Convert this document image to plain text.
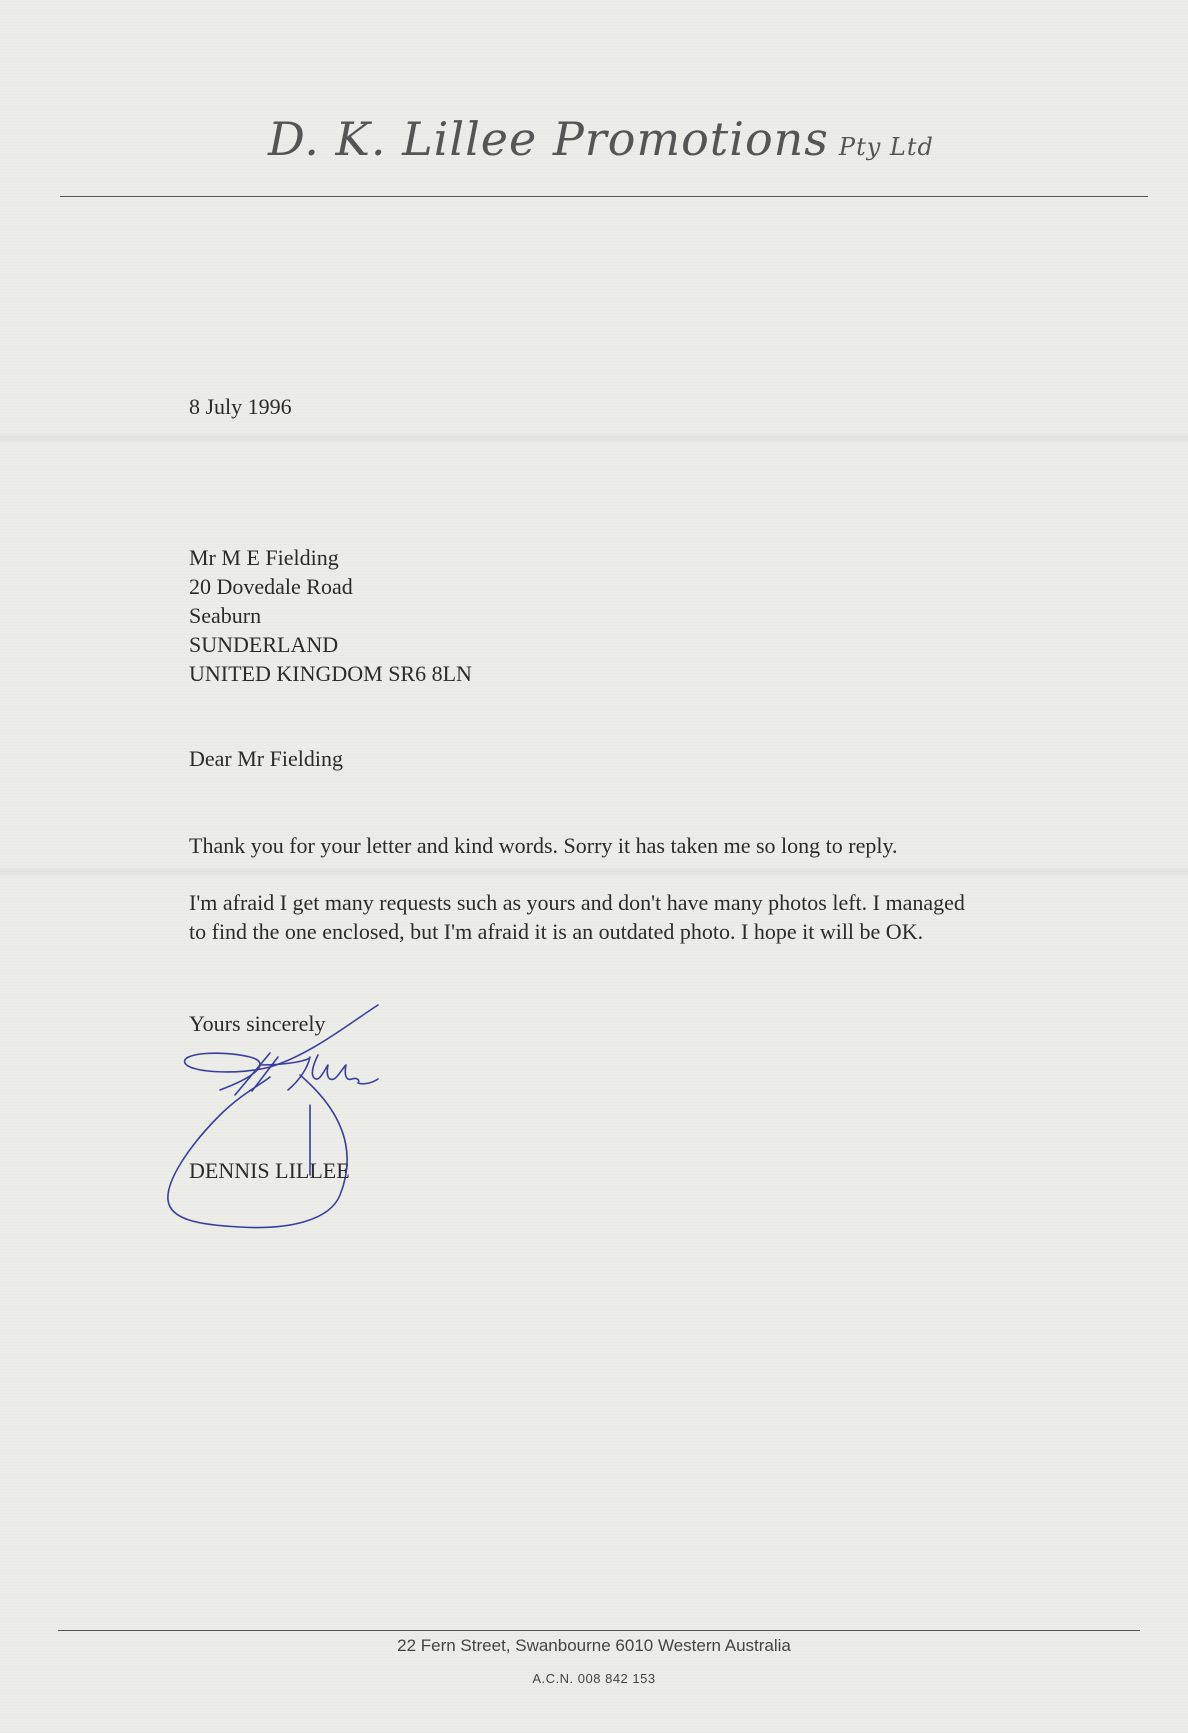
D. K. Lillee Promotions Pty Ltd
8 July 1996
Mr M E Fielding
20 Dovedale Road
Seaburn
SUNDERLAND
UNITED KINGDOM SR6 8LN
Dear Mr Fielding
Thank you for your letter and kind words. Sorry it has taken me so long to reply.
I'm afraid I get many requests such as yours and don't have many photos left. I managed
to find the one enclosed, but I'm afraid it is an outdated photo. I hope it will be OK.
Yours sincerely
DENNIS LILLEE
22 Fern Street, Swanbourne 6010 Western Australia
A.C.N. 008 842 153
